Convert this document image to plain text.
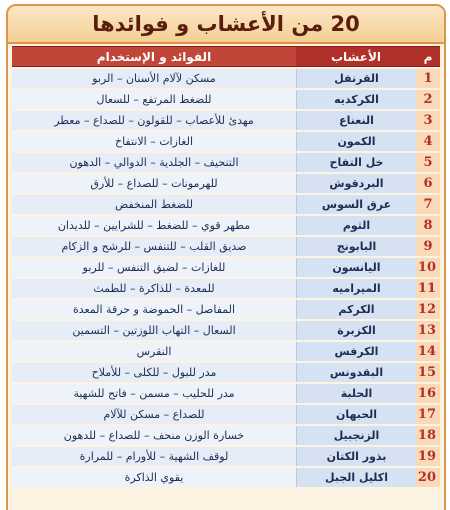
20 من الأعشاب و فوائدها
م	الأعشاب	الفوائد و الإستخدام
1	القرنفل	مسكن لآلام الأسنان – الربو
2	الكركديه	للضغط المرتفع – للسعال
3	النعناع	مهدئ للأعصاب – للقولون – للصداع – معطر
4	الكمون	الغازات – الانتفاخ
5	خل التفاح	التنحيف – الجلدية – الدوالي – الدهون
6	البردقوش	للهرمونات – للصداع – للأرق
7	عرق السوس	للضغط المنخفض
8	الثوم	مطهر قوي – للضغط – للشرايين – للديدان
9	البابونج	صديق القلب – للتنفس – للرشح و الزكام
10	اليانسون	للغازات – لضيق التنفس – للربو
11	الميراميه	للمعدة – للذاكرة – للطمث
12	الكركم	المفاصل – الحموضة و حرقة المعدة
13	الكزبرة	السعال – التهاب اللوزتين – التسمين
14	الكرفس	النقرس
15	البقدونس	مدر للبول – للكلى – للأملاح
16	الحلبة	مدر للحليب – مسمن – فاتح للشهية
17	الحبهان	للصداع – مسكن للآلام
18	الزنجبيل	خسارة الوزن منحف – للصداع – للدهون
19	بذور الكتان	لوقف الشهية – للأورام – للمرارة
20	اكليل الجبل	يقوي الذاكرة
